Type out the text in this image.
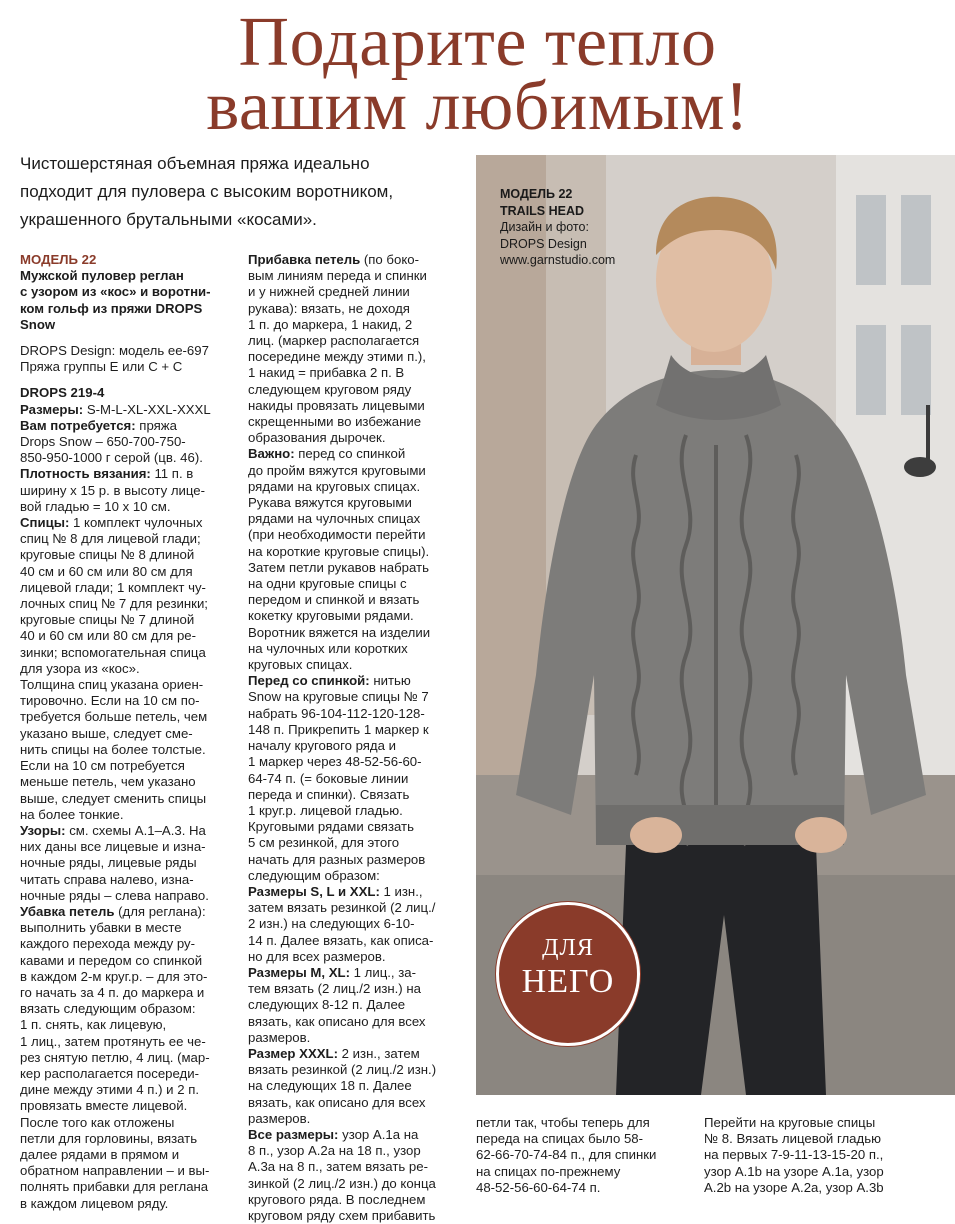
Подарите тепло
вашим любимым!
Чистошерстяная объемная пряжа идеально
подходит для пуловера с высоким воротником,
украшенного брутальными «косами».
МОДЕЛЬ 22
Мужской пуловер реглан
с узором из «кос» и воротни-
ком гольф из пряжи DROPS
Snow
DROPS Design: модель ee-697
Пряжа группы E или C + C
DROPS 219-4
Размеры: S-M-L-XL-XXL-XXXL
Вам потребуется: пряжа
Drops Snow – 650-700-750-
850-950-1000 г серой (цв. 46).
Плотность вязания: 11 п. в
ширину х 15 р. в высоту лице-
вой гладью = 10 х 10 см.
Спицы: 1 комплект чулочных
спиц № 8 для лицевой глади;
круговые спицы № 8 длиной
40 см и 60 см или 80 см для
лицевой глади; 1 комплект чу-
лочных спиц № 7 для резинки;
круговые спицы № 7 длиной
40 и 60 см или 80 см для ре-
зинки; вспомогательная спица
для узора из «кос».
Толщина спиц указана ориен-
тировочно. Если на 10 см по-
требуется больше петель, чем
указано выше, следует смe-
нить спицы на более толстые.
Если на 10 см потребуется
меньше петель, чем указано
выше, следует сменить спицы
на более тонкие.
Узоры: см. схемы А.1–А.3. На
них даны все лицевые и изна-
ночные ряды, лицевые ряды
читать справа налево, изна-
ночные ряды – слева направо.
Убавка петель (для реглана):
выполнить убавки в месте
каждого перехода между ру-
кавами и передом со спинкой
в каждом 2-м круг.р. – для это-
го начать за 4 п. до маркера и
вязать следующим образом:
1 п. снять, как лицевую,
1 лиц., затем протянуть ее че-
рез снятую петлю, 4 лиц. (мар-
кер располагается посереди-
дине между этими 4 п.) и 2 п.
провязать вместе лицевой.
После того как отложены
петли для горловины, вязать
далее рядами в прямом и
обратном направлении – и вы-
полнять прибавки для реглана
в каждом лицевом ряду.
Прибавка петель (по боко-
вым линиям переда и спинки
и у нижней средней линии
рукава): вязать, не доходя
1 п. до маркера, 1 накид, 2
лиц. (маркер располагается
посередине между этими п.),
1 накид = прибавка 2 п. В
следующем круговом ряду
накиды провязать лицевыми
скрещенными во избежание
образования дырочек.
Важно: перед со спинкой
до пройм вяжутся круговыми
рядами на круговых спицах.
Рукава вяжутся круговыми
рядами на чулочных спицах
(при необходимости перейти
на короткие круговые спицы).
Затем петли рукавов набрать
на одни круговые спицы с
передом и спинкой и вязать
кокетку круговыми рядами.
Воротник вяжется на изделии
на чулочных или коротких
круговых спицах.
Перед со спинкой: нитью
Snow на круговые спицы № 7
набрать 96-104-112-120-128-
148 п. Прикрепить 1 маркер к
началу кругового ряда и
1 маркер через 48-52-56-60-
64-74 п. (= боковые линии
переда и спинки). Связать
1 круг.р. лицевой гладью.
Круговыми рядами связать
5 см резинкой, для этого
начать для разных размеров
следующим образом:
Размеры S, L и XXL: 1 изн.,
затем вязать резинкой (2 лиц./
2 изн.) на следующих 6-10-
14 п. Далее вязать, как описа-
но для всех размеров.
Размеры M, XL: 1 лиц., за-
тем вязать (2 лиц./2 изн.) на
следующих 8-12 п. Далее
вязать, как описано для всех
размеров.
Размер XXXL: 2 изн., затем
вязать резинкой (2 лиц./2 изн.)
на следующих 18 п. Далее
вязать, как описано для всех
размеров.
Все размеры: узор А.1а на
8 п., узор А.2а на 18 п., узор
А.3а на 8 п., затем вязать ре-
зинкой (2 лиц./2 изн.) до конца
кругового ряда. В последнем
круговом ряду схем прибавить
МОДЕЛЬ 22
TRAILS HEAD
Дизайн и фото:
DROPS Design
www.garnstudio.com
ДЛЯ
НЕГО
петли так, чтобы теперь для
переда на спицах было 58-
62-66-70-74-84 п., для спинки
на спицах по-прежнему
48-52-56-60-64-74 п.
Перейти на круговые спицы
№ 8. Вязать лицевой гладью
на первых 7-9-11-13-15-20 п.,
узор А.1b на узоре А.1а, узор
А.2b на узоре А.2а, узор А.3b
